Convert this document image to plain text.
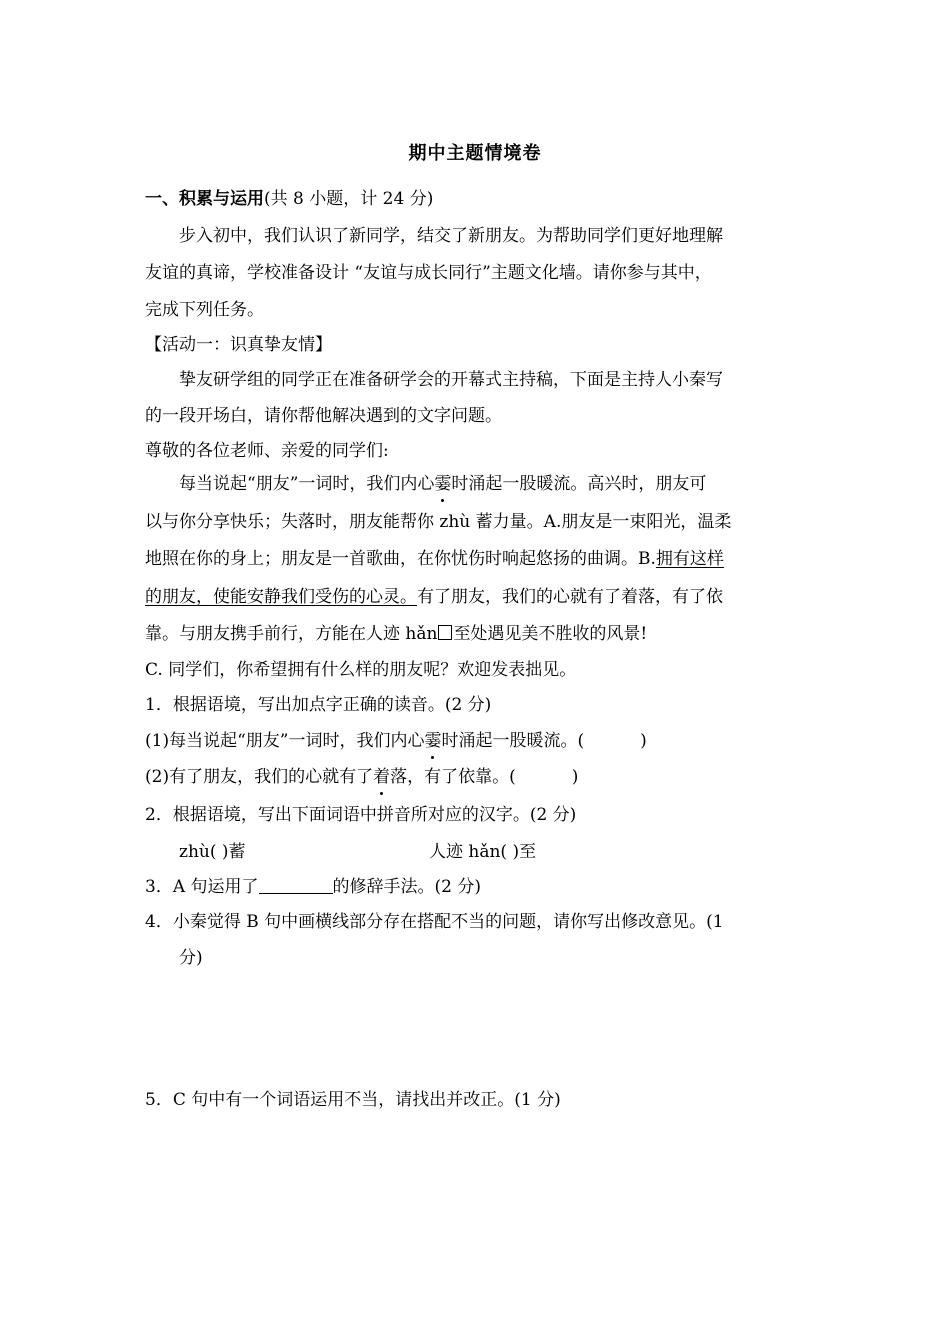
期中主题情境卷
一、积累与运用(共 8 小题，计 24 分)
步入初中，我们认识了新同学，结交了新朋友。为帮助同学们更好地理解
友谊的真谛，学校准备设计 “友谊与成长同行”主题文化墙。请你参与其中，
完成下列任务。
【活动一：识真挚友情】
挚友研学组的同学正在准备研学会的开幕式主持稿，下面是主持人小秦写
的一段开场白，请你帮他解决遇到的文字问题。
尊敬的各位老师、亲爱的同学们:
每当说起“朋友”一词时，我们内心霎时涌起一股暖流。高兴时，朋友可
以与你分享快乐；失落时，朋友能帮你 zhù 蓄力量。A.朋友是一束阳光，温柔
地照在你的身上；朋友是一首歌曲，在你忧伤时响起悠扬的曲调。B.拥有这样
的朋友，使能安静我们受伤的心灵。有了朋友，我们的心就有了着落，有了依
靠。与朋友携手前行，方能在人迹 hǎn 至处遇见美不胜收的风景!
C. 同学们，你希望拥有什么样的朋友呢？欢迎发表拙见。
1．根据语境，写出加点字正确的读音。(2 分)
(1)每当说起“朋友”一词时，我们内心霎时涌起一股暖流。(	)
(2)有了朋友，我们的心就有了着落，有了依靠。(	)
2．根据语境，写出下面词语中拼音所对应的汉字。(2 分)
zhù( )蓄	人迹 hǎn( )至
3．A 句运用了	的修辞手法。(2 分)
4．小秦觉得 B 句中画横线部分存在搭配不当的问题，请你写出修改意见。(1
分)
5．C 句中有一个词语运用不当，请找出并改正。(1 分)
